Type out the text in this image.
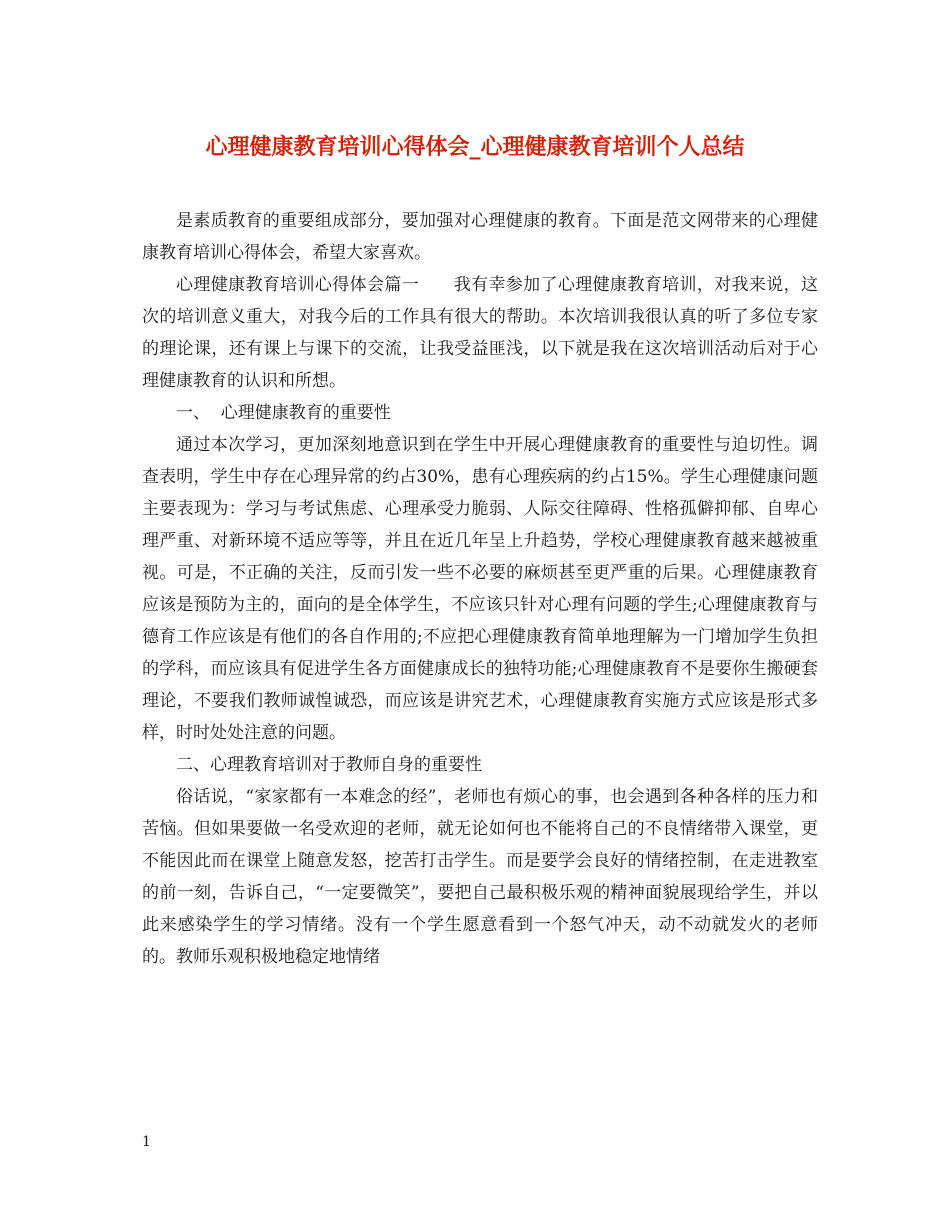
心理健康教育培训心得体会_心理健康教育培训个人总结

是素质教育的重要组成部分，要加强对心理健康的教育。下面是范文网带来的心理健康教育培训心得体会，希望大家喜欢。

心理健康教育培训心得体会篇一      我有幸参加了心理健康教育培训，对我来说，这次的培训意义重大，对我今后的工作具有很大的帮助。本次培训我很认真的听了多位专家的理论课，还有课上与课下的交流，让我受益匪浅，以下就是我在这次培训活动后对于心理健康教育的认识和所想。

一、  心理健康教育的重要性

通过本次学习，更加深刻地意识到在学生中开展心理健康教育的重要性与迫切性。调查表明，学生中存在心理异常的约占30%，患有心理疾病的约占15%。学生心理健康问题主要表现为：学习与考试焦虑、心理承受力脆弱、人际交往障碍、性格孤僻抑郁、自卑心理严重、对新环境不适应等等，并且在近几年呈上升趋势，学校心理健康教育越来越被重视。可是，不正确的关注，反而引发一些不必要的麻烦甚至更严重的后果。心理健康教育应该是预防为主的，面向的是全体学生，不应该只针对心理有问题的学生;心理健康教育与德育工作应该是有他们的各自作用的;不应把心理健康教育简单地理解为一门增加学生负担的学科，而应该具有促进学生各方面健康成长的独特功能;心理健康教育不是要你生搬硬套理论，不要我们教师诚惶诚恐，而应该是讲究艺术，心理健康教育实施方式应该是形式多样，时时处处注意的问题。

二、心理教育培训对于教师自身的重要性

俗话说，“家家都有一本难念的经”，老师也有烦心的事，也会遇到各种各样的压力和苦恼。但如果要做一名受欢迎的老师，就无论如何也不能将自己的不良情绪带入课堂，更不能因此而在课堂上随意发怒，挖苦打击学生。而是要学会良好的情绪控制，在走进教室的前一刻，告诉自己，“一定要微笑”，要把自己最积极乐观的精神面貌展现给学生，并以此来感染学生的学习情绪。没有一个学生愿意看到一个怒气冲天，动不动就发火的老师的。教师乐观积极地稳定地情绪

1
